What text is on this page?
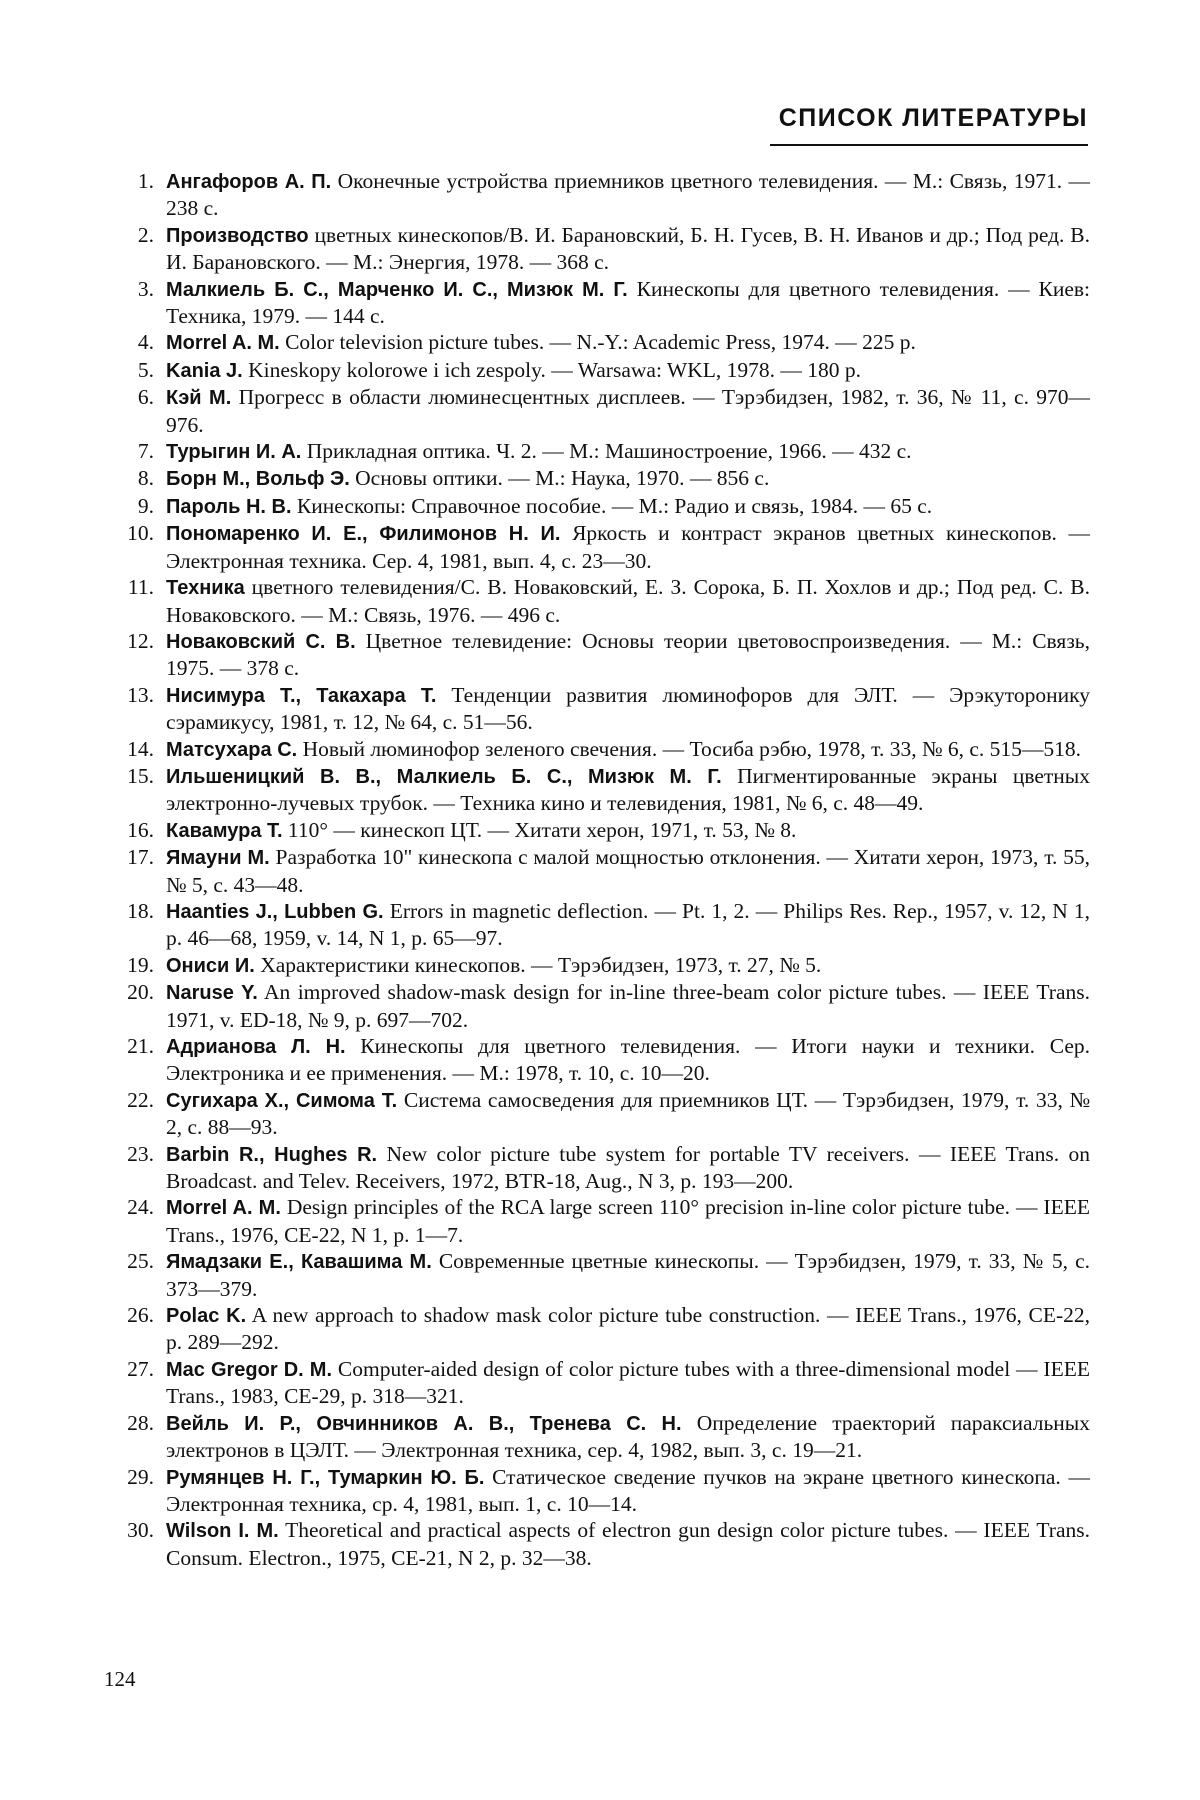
СПИСОК ЛИТЕРАТУРЫ
1. Ангафоров А. П. Оконечные устройства приемников цветного телевидения. — М.: Связь, 1971. — 238 с.
2. Производство цветных кинескопов/В. И. Барановский, Б. Н. Гусев, В. Н. Иванов и др.; Под ред. В. И. Барановского. — М.: Энергия, 1978. — 368 с.
3. Малкиель Б. С., Марченко И. С., Мизюк М. Г. Кинескопы для цветного телевидения. — Киев: Техника, 1979. — 144 с.
4. Morrel A. M. Color television picture tubes. — N.-Y.: Academic Press, 1974. — 225 p.
5. Kania J. Kineskopy kolorowe i ich zespoly. — Warsawa: WKL, 1978. — 180 p.
6. Кэй М. Прогресс в области люминесцентных дисплеев. — Тэрэбидзен, 1982, т. 36, № 11, с. 970—976.
7. Турыгин И. А. Прикладная оптика. Ч. 2. — М.: Машиностроение, 1966. — 432 с.
8. Борн М., Вольф Э. Основы оптики. — М.: Наука, 1970. — 856 с.
9. Пароль Н. В. Кинескопы: Справочное пособие. — М.: Радио и связь, 1984. — 65 с.
10. Пономаренко И. Е., Филимонов Н. И. Яркость и контраст экранов цветных кинескопов. — Электронная техника. Сер. 4, 1981, вып. 4, с. 23—30.
11. Техника цветного телевидения/С. В. Новаковский, Е. З. Сорока, Б. П. Хохлов и др.; Под ред. С. В. Новаковского. — М.: Связь, 1976. — 496 с.
12. Новаковский С. В. Цветное телевидение: Основы теории цветовоспроизведения. — М.: Связь, 1975. — 378 с.
13. Нисимура Т., Такахара Т. Тенденции развития люминофоров для ЭЛТ. — Эрэкуторонику сэрамикусу, 1981, т. 12, № 64, с. 51—56.
14. Матсухара С. Новый люминофор зеленого свечения. — Тосиба рэбю, 1978, т. 33, № 6, с. 515—518.
15. Ильшеницкий В. В., Малкиель Б. С., Мизюк М. Г. Пигментированные экраны цветных электронно-лучевых трубок. — Техника кино и телевидения, 1981, № 6, с. 48—49.
16. Кавамура Т. 110° — кинескоп ЦТ. — Хитати херон, 1971, т. 53, № 8.
17. Ямауни М. Разработка 10" кинескопа с малой мощностью отклонения. — Хитати херон, 1973, т. 55, № 5, с. 43—48.
18. Haanties J., Lubben G. Errors in magnetic deflection. — Pt. 1, 2. — Philips Res. Rep., 1957, v. 12, N 1, p. 46—68, 1959, v. 14, N 1, p. 65—97.
19. Ониси И. Характеристики кинескопов. — Тэрэбидзен, 1973, т. 27, № 5.
20. Naruse Y. An improved shadow-mask design for in-line three-beam color picture tubes. — IEEE Trans. 1971, v. ED-18, № 9, p. 697—702.
21. Адрианова Л. Н. Кинескопы для цветного телевидения. — Итоги науки и техники. Сер. Электроника и ее применения. — М.: 1978, т. 10, с. 10—20.
22. Сугихара Х., Симома Т. Система самосведения для приемников ЦТ. — Тэрэбидзен, 1979, т. 33, № 2, с. 88—93.
23. Barbin R., Hughes R. New color picture tube system for portable TV receivers. — IEEE Trans. on Broadcast. and Telev. Receivers, 1972, BTR-18, Aug., N 3, p. 193—200.
24. Morrel A. M. Design principles of the RCA large screen 110° precision in-line color picture tube. — IEEE Trans., 1976, CE-22, N 1, p. 1—7.
25. Ямадзаки Е., Кавашима М. Современные цветные кинескопы. — Тэрэбидзен, 1979, т. 33, № 5, с. 373—379.
26. Polac K. A new approach to shadow mask color picture tube construction. — IEEE Trans., 1976, CE-22, p. 289—292.
27. Mac Gregor D. M. Computer-aided design of color picture tubes with a three-dimensional model — IEEE Trans., 1983, CE-29, p. 318—321.
28. Вейль И. Р., Овчинников А. В., Тренева С. Н. Определение траекторий параксиальных электронов в ЦЭЛТ. — Электронная техника, сер. 4, 1982, вып. 3, с. 19—21.
29. Румянцев Н. Г., Тумаркин Ю. Б. Статическое сведение пучков на экране цветного кинескопа. — Электронная техника, ср. 4, 1981, вып. 1, с. 10—14.
30. Wilson I. M. Theoretical and practical aspects of electron gun design color picture tubes. — IEEE Trans. Consum. Electron., 1975, CE-21, N 2, p. 32—38.
124
